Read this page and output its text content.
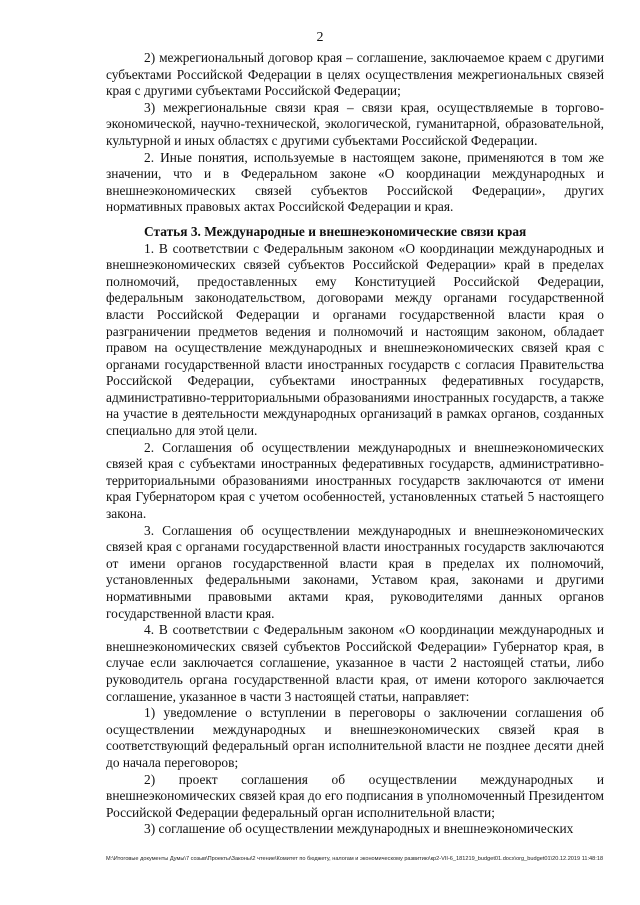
2

2) межрегиональный договор края – соглашение, заключаемое краем с другими субъектами Российской Федерации в целях осуществления межрегиональных связей края с другими субъектами Российской Федерации;

3) межрегиональные связи края – связи края, осуществляемые в торгово-экономической, научно-технической, экологической, гуманитарной, образовательной, культурной и иных областях с другими субъектами Российской Федерации.

2. Иные понятия, используемые в настоящем законе, применяются в том же значении, что и в Федеральном законе «О координации международных и внешнеэкономических связей субъектов Российской Федерации», других нормативных правовых актах Российской Федерации и края.

Статья 3. Международные и внешнеэкономические связи края

1. В соответствии с Федеральным законом «О координации международных и внешнеэкономических связей субъектов Российской Федерации» край в пределах полномочий, предоставленных ему Конституцией Российской Федерации, федеральным законодательством, договорами между органами государственной власти Российской Федерации и органами государственной власти края о разграничении предметов ведения и полномочий и настоящим законом, обладает правом на осуществление международных и внешнеэкономических связей края с органами государственной власти иностранных государств с согласия Правительства Российской Федерации, субъектами иностранных федеративных государств, административно-территориальными образованиями иностранных государств, а также на участие в деятельности международных организаций в рамках органов, созданных специально для этой цели.

2. Соглашения об осуществлении международных и внешнеэкономических связей края с субъектами иностранных федеративных государств, административно-территориальными образованиями иностранных государств заключаются от имени края Губернатором края с учетом особенностей, установленных статьей 5 настоящего закона.

3. Соглашения об осуществлении международных и внешнеэкономических связей края с органами государственной власти иностранных государств заключаются от имени органов государственной власти края в пределах их полномочий, установленных федеральными законами, Уставом края, законами и другими нормативными правовыми актами края, руководителями данных органов государственной власти края.

4. В соответствии с Федеральным законом «О координации международных и внешнеэкономических связей субъектов Российской Федерации» Губернатор края, в случае если заключается соглашение, указанное в части 2 настоящей статьи, либо руководитель органа государственной власти края, от имени которого заключается соглашение, указанное в части 3 настоящей статьи, направляет:

1) уведомление о вступлении в переговоры о заключении соглашения об осуществлении международных и внешнеэкономических связей края в соответствующий федеральный орган исполнительной власти не позднее десяти дней до начала переговоров;

2) проект соглашения об осуществлении международных и внешнеэкономических связей края до его подписания в уполномоченный Президентом Российской Федерации федеральный орган исполнительной власти;

3) соглашение об осуществлении международных и внешнеэкономических

М:\Итоговые документы Думы\7 созыв\Проекты\Законы\2 чтение\Комитет по бюджету, налогам и экономическому развитию\кр2-VII-6_181219_budget01.docx\org_budget01\20.12.2019 11:48:18
